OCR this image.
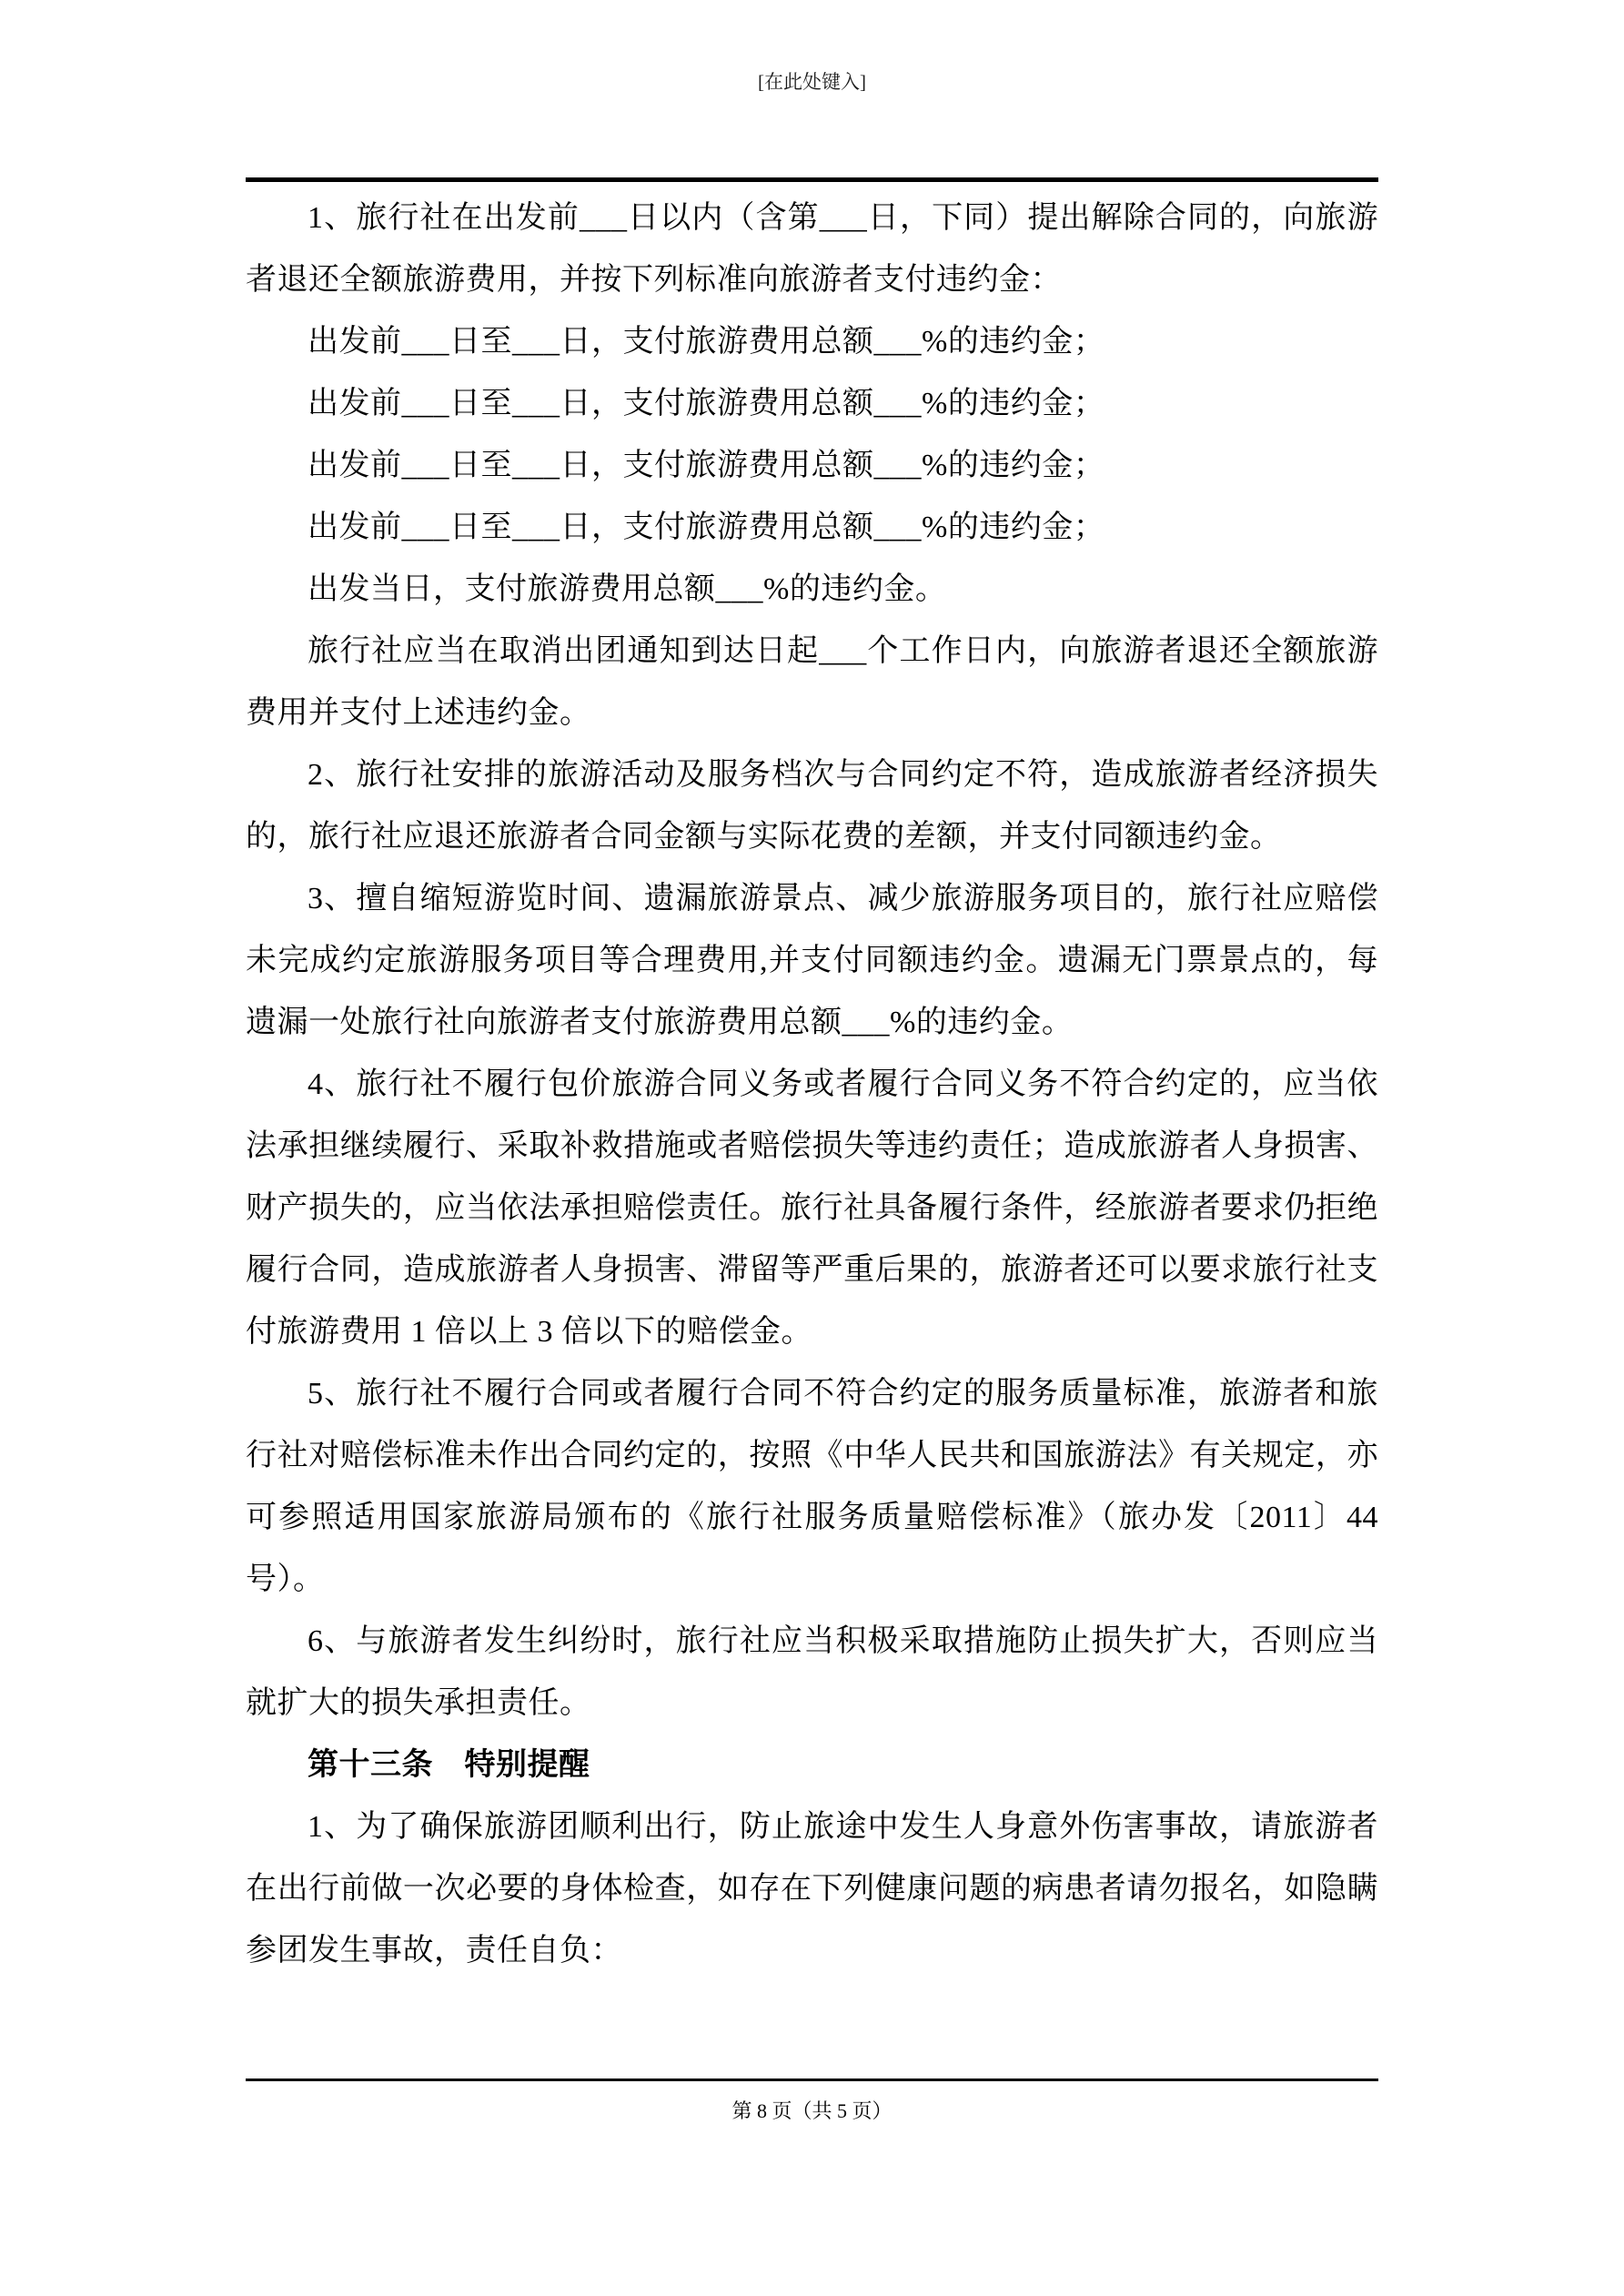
[在此处键入]

1、旅行社在出发前___日以内（含第___日，下同）提出解除合同的，向旅游者退还全额旅游费用，并按下列标准向旅游者支付违约金：

出发前___日至___日，支付旅游费用总额___%的违约金；

出发前___日至___日，支付旅游费用总额___%的违约金；

出发前___日至___日，支付旅游费用总额___%的违约金；

出发前___日至___日，支付旅游费用总额___%的违约金；

出发当日，支付旅游费用总额___%的违约金。

旅行社应当在取消出团通知到达日起___个工作日内，向旅游者退还全额旅游费用并支付上述违约金。

2、旅行社安排的旅游活动及服务档次与合同约定不符，造成旅游者经济损失的，旅行社应退还旅游者合同金额与实际花费的差额，并支付同额违约金。

3、擅自缩短游览时间、遗漏旅游景点、减少旅游服务项目的，旅行社应赔偿未完成约定旅游服务项目等合理费用,并支付同额违约金。遗漏无门票景点的，每遗漏一处旅行社向旅游者支付旅游费用总额___%的违约金。

4、旅行社不履行包价旅游合同义务或者履行合同义务不符合约定的，应当依法承担继续履行、采取补救措施或者赔偿损失等违约责任；造成旅游者人身损害、财产损失的，应当依法承担赔偿责任。旅行社具备履行条件，经旅游者要求仍拒绝履行合同，造成旅游者人身损害、滞留等严重后果的，旅游者还可以要求旅行社支付旅游费用 1 倍以上 3 倍以下的赔偿金。

5、旅行社不履行合同或者履行合同不符合约定的服务质量标准，旅游者和旅行社对赔偿标准未作出合同约定的，按照《中华人民共和国旅游法》有关规定，亦可参照适用国家旅游局颁布的《旅行社服务质量赔偿标准》（旅办发〔2011〕44 号）。

6、与旅游者发生纠纷时，旅行社应当积极采取措施防止损失扩大，否则应当就扩大的损失承担责任。

第十三条　特别提醒

1、为了确保旅游团顺利出行，防止旅途中发生人身意外伤害事故，请旅游者在出行前做一次必要的身体检查，如存在下列健康问题的病患者请勿报名，如隐瞒参团发生事故，责任自负：

第 8 页（共 5 页）
